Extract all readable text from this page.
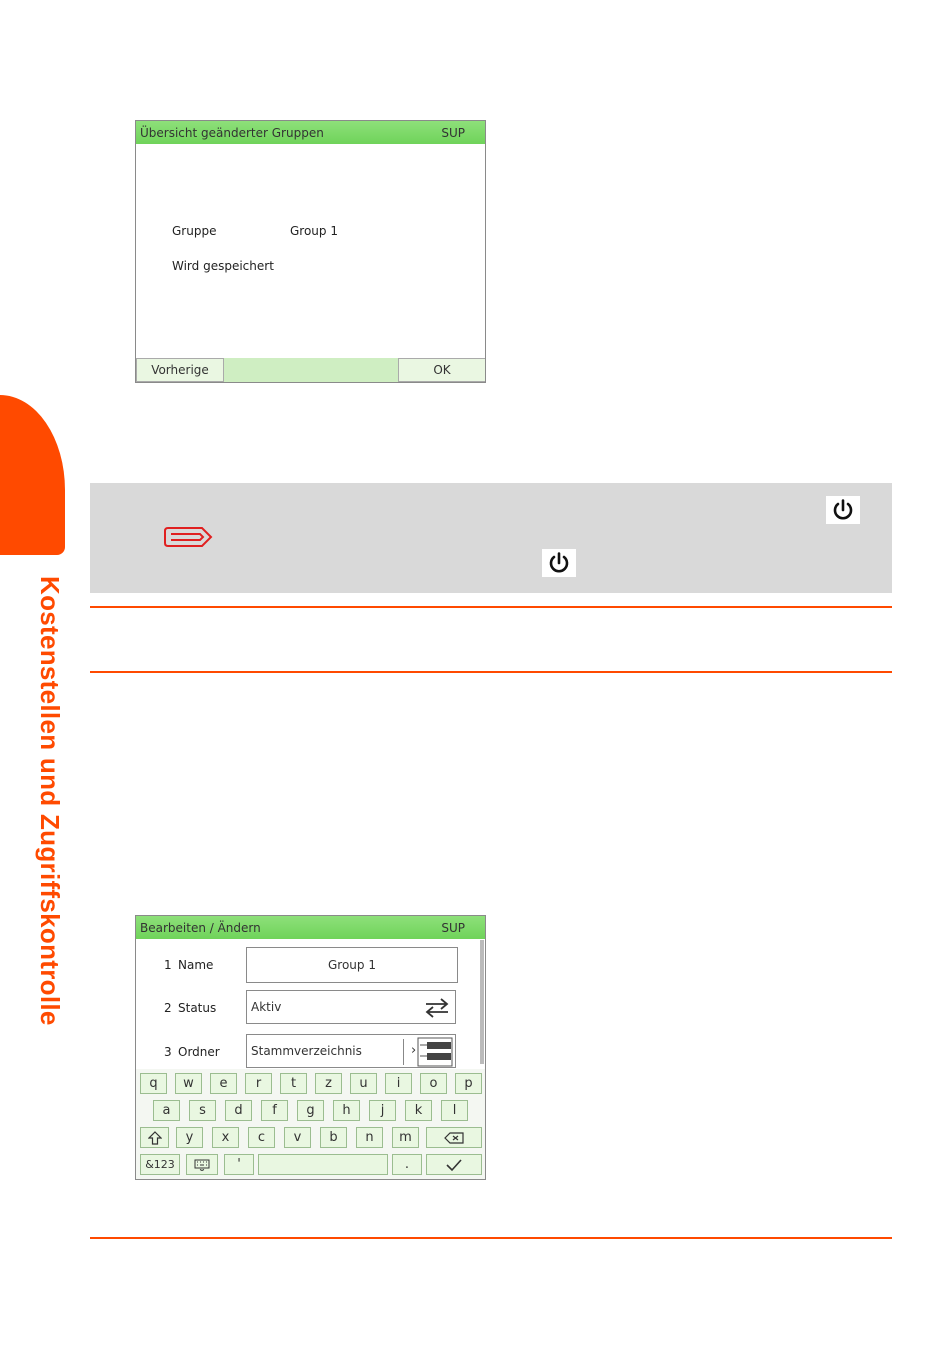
Kostenstellen und Zugriffskontrolle
Übersicht geänderter Gruppen	SUP
Gruppe	Group 1
Wird gespeichert
Vorherige	OK
Bearbeiten / Ändern	SUP
1 Name	Group 1
2 Status	Aktiv
3 Ordner	Stammverzeichnis	›
q	w	e	r	t	z	u	i	o	p
a	s	d	f	g	h	j	k	l
y	x	c	v	b	n	m
&123	'	.
